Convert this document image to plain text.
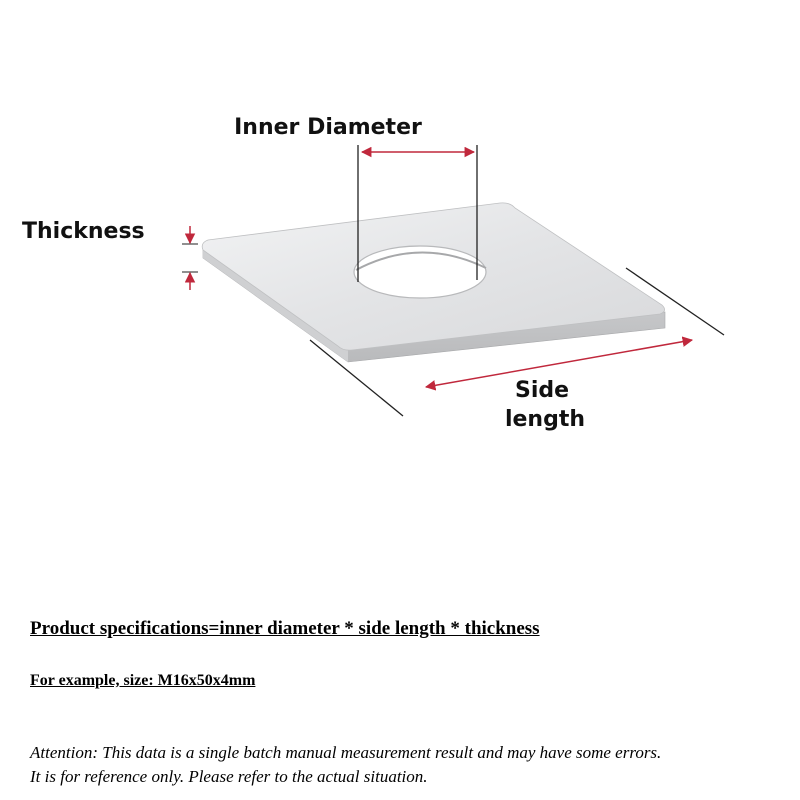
Inner Diameter
Thickness
Side
length

Product specifications=inner diameter * side length * thickness

For example, size: M16x50x4mm

Attention: This data is a single batch manual measurement result and may have some errors.
It is for reference only. Please refer to the actual situation.
